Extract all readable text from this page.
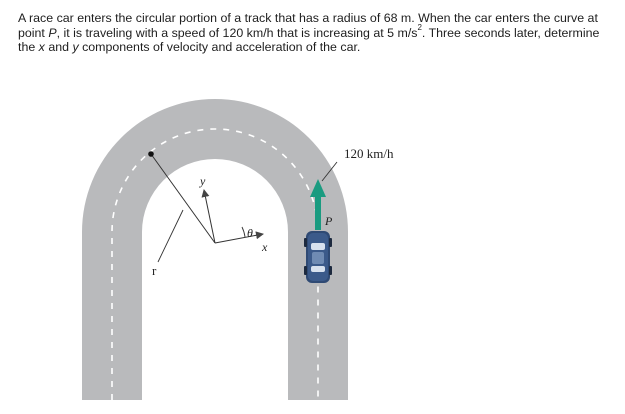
A race car enters the circular portion of a track that has a radius of 68 m. When the car enters the curve at point P, it is traveling with a speed of 120 km/h that is increasing at 5 $m/s^2$. Three seconds later, determine the x and y components of velocity and acceleration of the car.
r
y
x
θ
P
120 km/h
